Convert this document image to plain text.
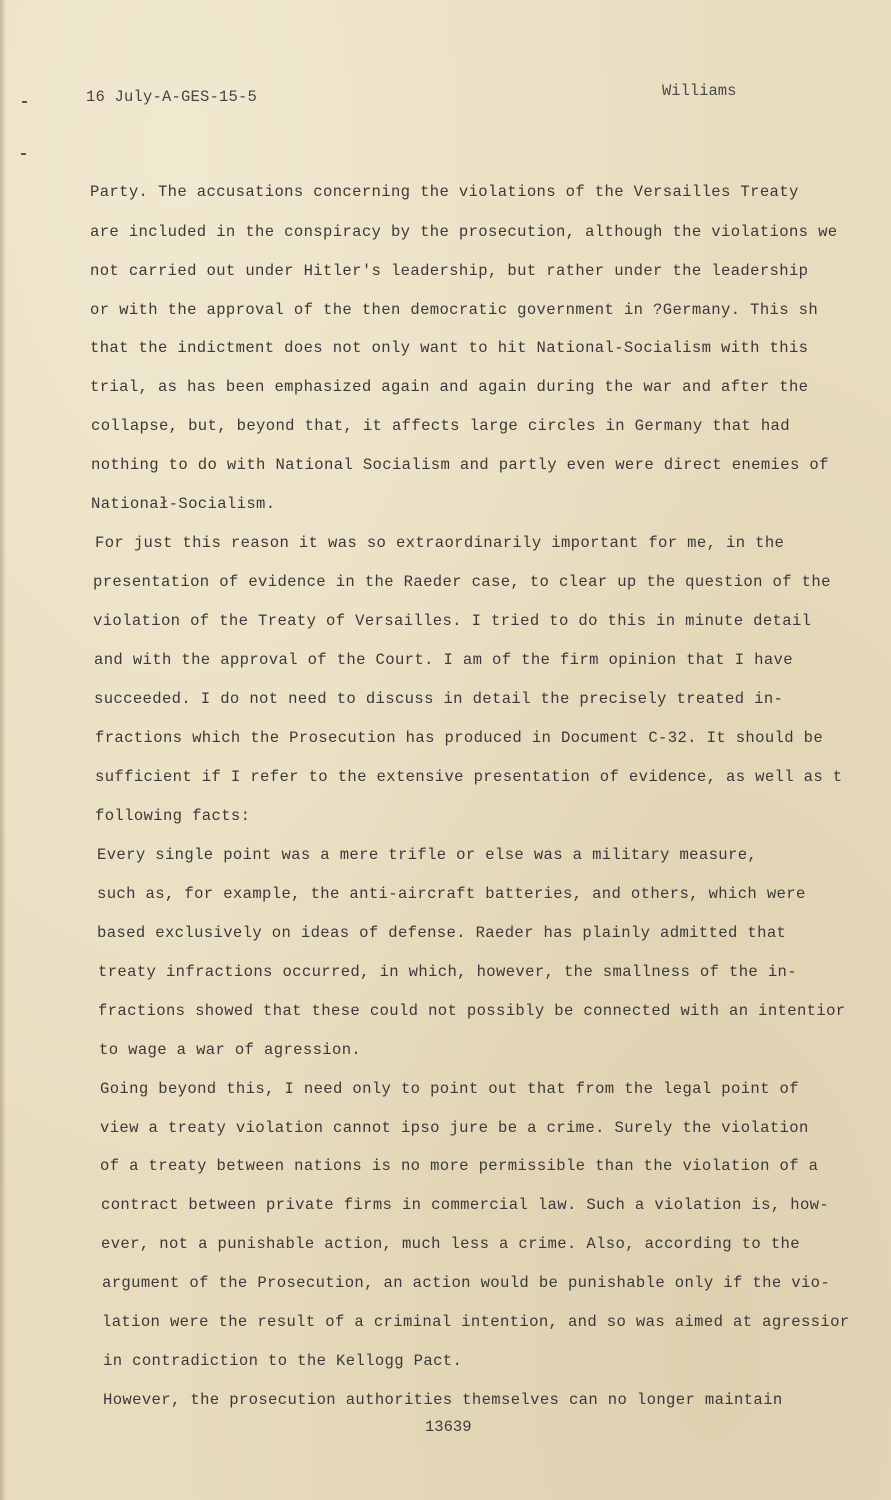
16 July-A-GES-15-5	Williams
Party. The accusations concerning the violations of the Versailles Treaty
are included in the conspiracy by the prosecution, although the violations we
not carried out under Hitler's leadership, but rather under the leadership
or with the approval of the then democratic government in ?Germany. This sh
that the indictment does not only want to hit National-Socialism with this
trial, as has been emphasized again and again during the war and after the
collapse, but, beyond that, it affects large circles in Germany that had
nothing to do with National Socialism and partly even were direct enemies of
Nationał-Socialism.
For just this reason it was so extraordinarily important for me, in the
presentation of evidence in the Raeder case, to clear up the question of the
violation of the Treaty of Versailles. I tried to do this in minute detail
and with the approval of the Court. I am of the firm opinion that I have
succeeded. I do not need to discuss in detail the precisely treated in-
fractions which the Prosecution has produced in Document C-32. It should be
sufficient if I refer to the extensive presentation of evidence, as well as t
following facts:
Every single point was a mere trifle or else was a military measure,
such as, for example, the anti-aircraft batteries, and others, which were
based exclusively on ideas of defense. Raeder has plainly admitted that
treaty infractions occurred, in which, however, the smallness of the in-
fractions showed that these could not possibly be connected with an intentior
to wage a war of agression.
Going beyond this, I need only to point out that from the legal point of
view a treaty violation cannot ipso jure be a crime. Surely the violation
of a treaty between nations is no more permissible than the violation of a
contract between private firms in commercial law. Such a violation is, how-
ever, not a punishable action, much less a crime. Also, according to the
argument of the Prosecution, an action would be punishable only if the vio-
lation were the result of a criminal intention, and so was aimed at agressior
in contradiction to the Kellogg Pact.
However, the prosecution authorities themselves can no longer maintain
13639
